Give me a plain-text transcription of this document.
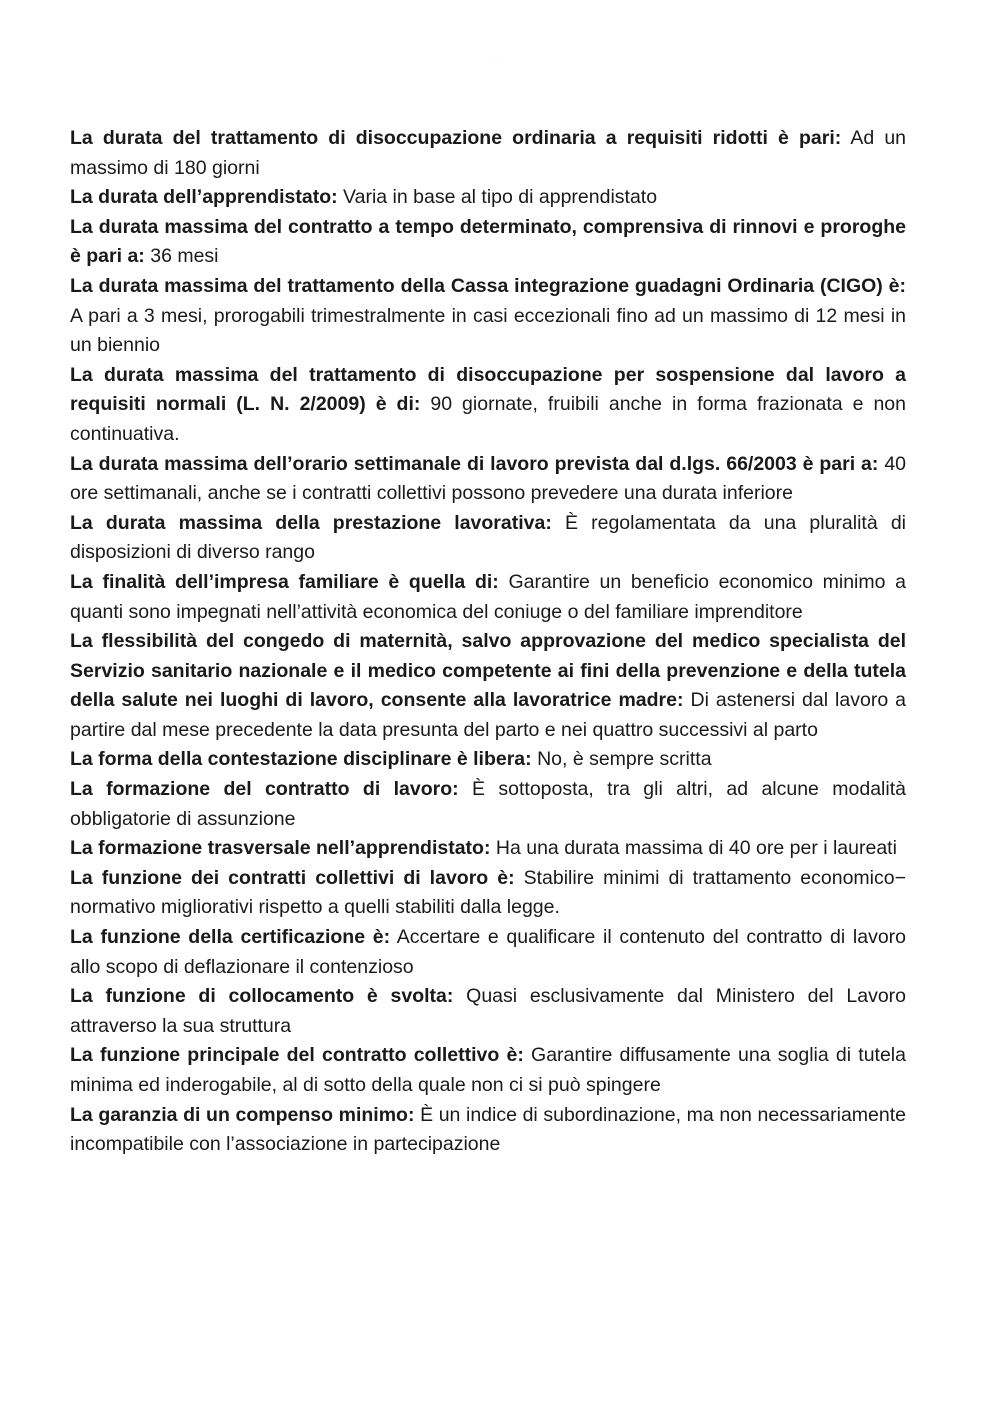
· · · · ·

La durata del trattamento di disoccupazione ordinaria a requisiti ridotti è pari: Ad un massimo di 180 giorni

La durata dell’apprendistato: Varia in base al tipo di apprendistato

La durata massima del contratto a tempo determinato, comprensiva di rinnovi e proroghe è pari a: 36 mesi

La durata massima del trattamento della Cassa integrazione guadagni Ordinaria (CIGO) è: A pari a 3 mesi, prorogabili trimestralmente in casi eccezionali fino ad un massimo di 12 mesi in un biennio

La durata massima del trattamento di disoccupazione per sospensione dal lavoro a requisiti normali (L. N. 2/2009) è di: 90 giornate, fruibili anche in forma frazionata e non continuativa.

La durata massima dell’orario settimanale di lavoro prevista dal d.lgs. 66/2003 è pari a: 40 ore settimanali, anche se i contratti collettivi possono prevedere una durata inferiore

La durata massima della prestazione lavorativa: È regolamentata da una pluralità di disposizioni di diverso rango

La finalità dell’impresa familiare è quella di: Garantire un beneficio economico minimo a quanti sono impegnati nell’attività economica del coniuge o del familiare imprenditore

La flessibilità del congedo di maternità, salvo approvazione del medico specialista del Servizio sanitario nazionale e il medico competente ai fini della prevenzione e della tutela della salute nei luoghi di lavoro, consente alla lavoratrice madre: Di astenersi dal lavoro a partire dal mese precedente la data presunta del parto e nei quattro successivi al parto

La forma della contestazione disciplinare è libera: No, è sempre scritta

La formazione del contratto di lavoro: È sottoposta, tra gli altri, ad alcune modalità obbligatorie di assunzione

La formazione trasversale nell’apprendistato: Ha una durata massima di 40 ore per i laureati

La funzione dei contratti collettivi di lavoro è: Stabilire minimi di trattamento economico− normativo migliorativi rispetto a quelli stabiliti dalla legge.

La funzione della certificazione è: Accertare e qualificare il contenuto del contratto di lavoro allo scopo di deflazionare il contenzioso

La funzione di collocamento è svolta: Quasi esclusivamente dal Ministero del Lavoro attraverso la sua struttura

La funzione principale del contratto collettivo è: Garantire diffusamente una soglia di tutela minima ed inderogabile, al di sotto della quale non ci si può spingere

La garanzia di un compenso minimo: È un indice di subordinazione, ma non necessariamente incompatibile con l’associazione in partecipazione
